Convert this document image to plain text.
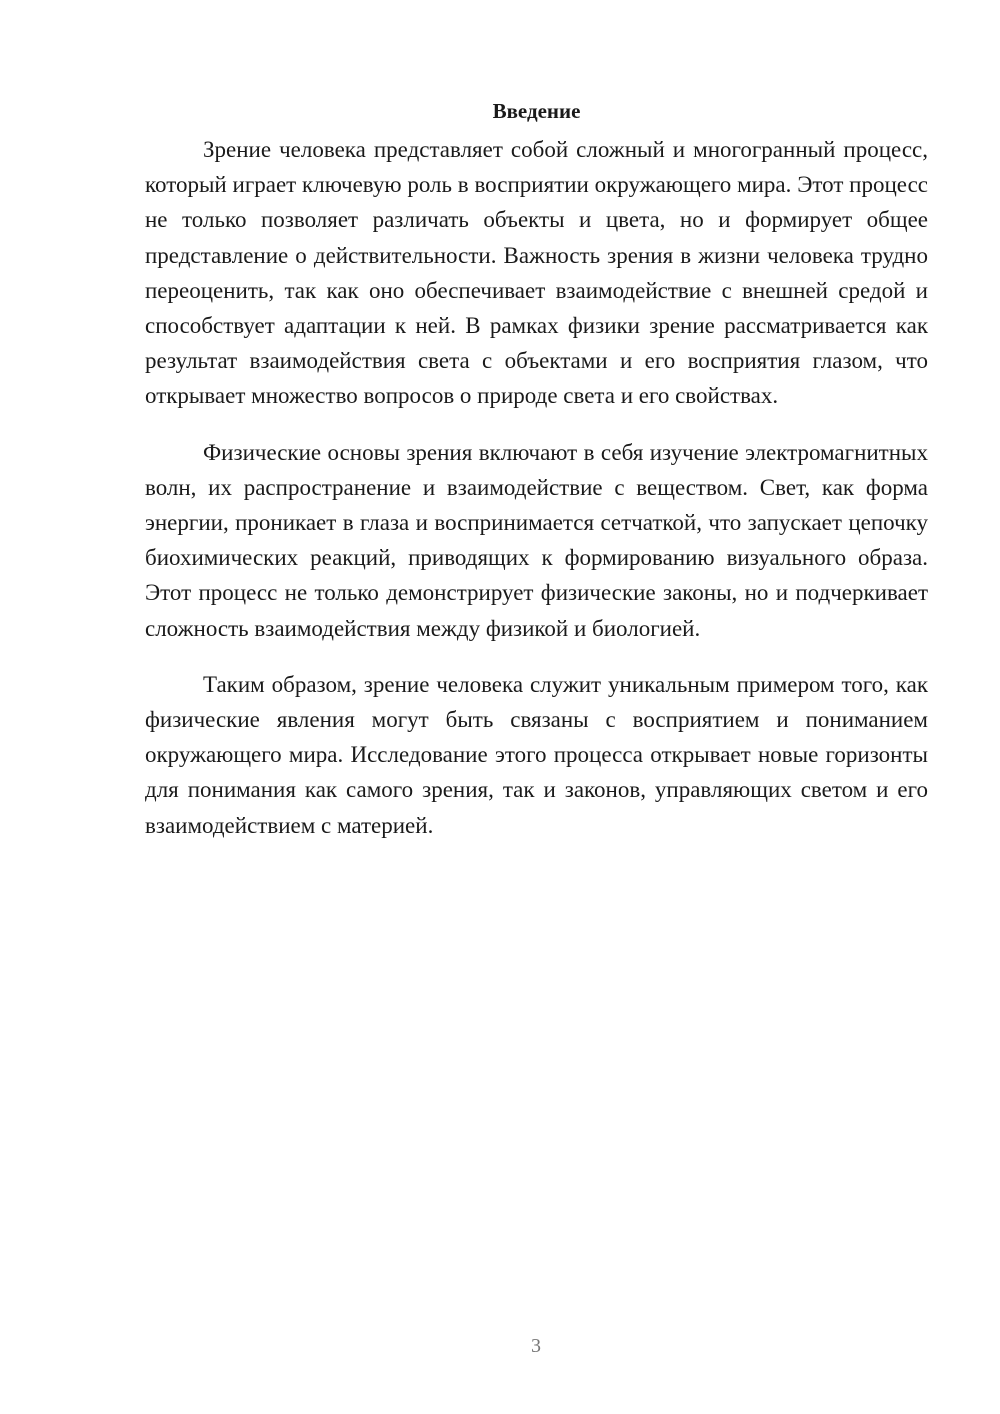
Введение

Зрение человека представляет собой сложный и многогранный процесс, который играет ключевую роль в восприятии окружающего мира. Этот процесс не только позволяет различать объекты и цвета, но и формирует общее представление о действительности. Важность зрения в жизни человека трудно переоценить, так как оно обеспечивает взаимодействие с внешней средой и способствует адаптации к ней. В рамках физики зрение рассматривается как результат взаимодействия света с объектами и его восприятия глазом, что открывает множество вопросов о природе света и его свойствах.

Физические основы зрения включают в себя изучение электромагнитных волн, их распространение и взаимодействие с веществом. Свет, как форма энергии, проникает в глаза и воспринимается сетчаткой, что запускает цепочку биохимических реакций, приводящих к формированию визуального образа. Этот процесс не только демонстрирует физические законы, но и подчеркивает сложность взаимодействия между физикой и биологией.

Таким образом, зрение человека служит уникальным примером того, как физические явления могут быть связаны с восприятием и пониманием окружающего мира. Исследование этого процесса открывает новые горизонты для понимания как самого зрения, так и законов, управляющих светом и его взаимодействием с материей.

3
